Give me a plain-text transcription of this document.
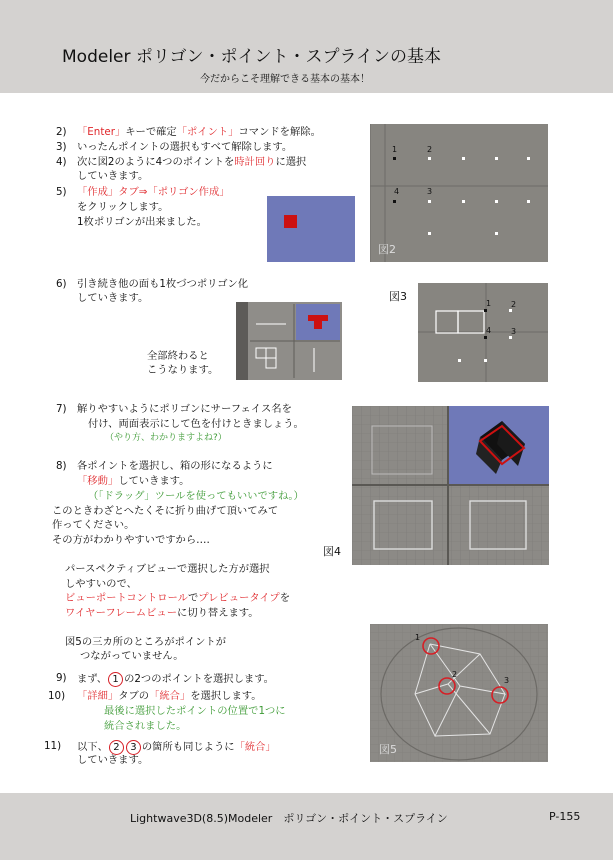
Modeler ポリゴン・ポイント・スプラインの基本
今だからこそ理解できる基本の基本！
2) 「Enter」キーで確定「ポイント」コマンドを解除。
3) いったんポイントの選択もすべて解除します。
4) 次に図2のように4つのポイントを時計回りに選択
していきます。
5) 「作成」タブ⇒「ポリゴン作成」
をクリックします。
1枚ポリゴンが出来ました。
1	2
3
4
図2
6) 引き続き他の面も1枚づつポリゴン化
していきます。
全部終わると
こうなります。
図3
1 2
3
4
7) 解りやすいようにポリゴンにサーフェイス名を
付け、両面表示にして色を付けときましょう。
（やり方、わかりますよね?）
8) 各ポイントを選択し、箱の形になるように
「移動」していきます。
（「ドラッグ」ツールを使ってもいいですね。）
このときわざとへたくそに折り曲げて頂いてみて
作ってください。
その方がわかりやすいですから‥‥
図4
パースペクティブビューで選択した方が選択
しやすいので、
ビューポートコントロールでプレビュータイプを
ワイヤーフレームビューに切り替えます。
図5の三カ所のところがポイントが
つながっていません。
9) まず、 1 の2つのポイントを選択します。
10) 「詳細」タブの「統合」を選択します。
最後に選択したポイントの位置で1つに
統合されました。
11) 以下、 2 3 の箇所も同じように「統合」
していきます。
1
2
3
図5
Lightwave3D(8.5)Modeler　ポリゴン・ポイント・スプライン	P-155
